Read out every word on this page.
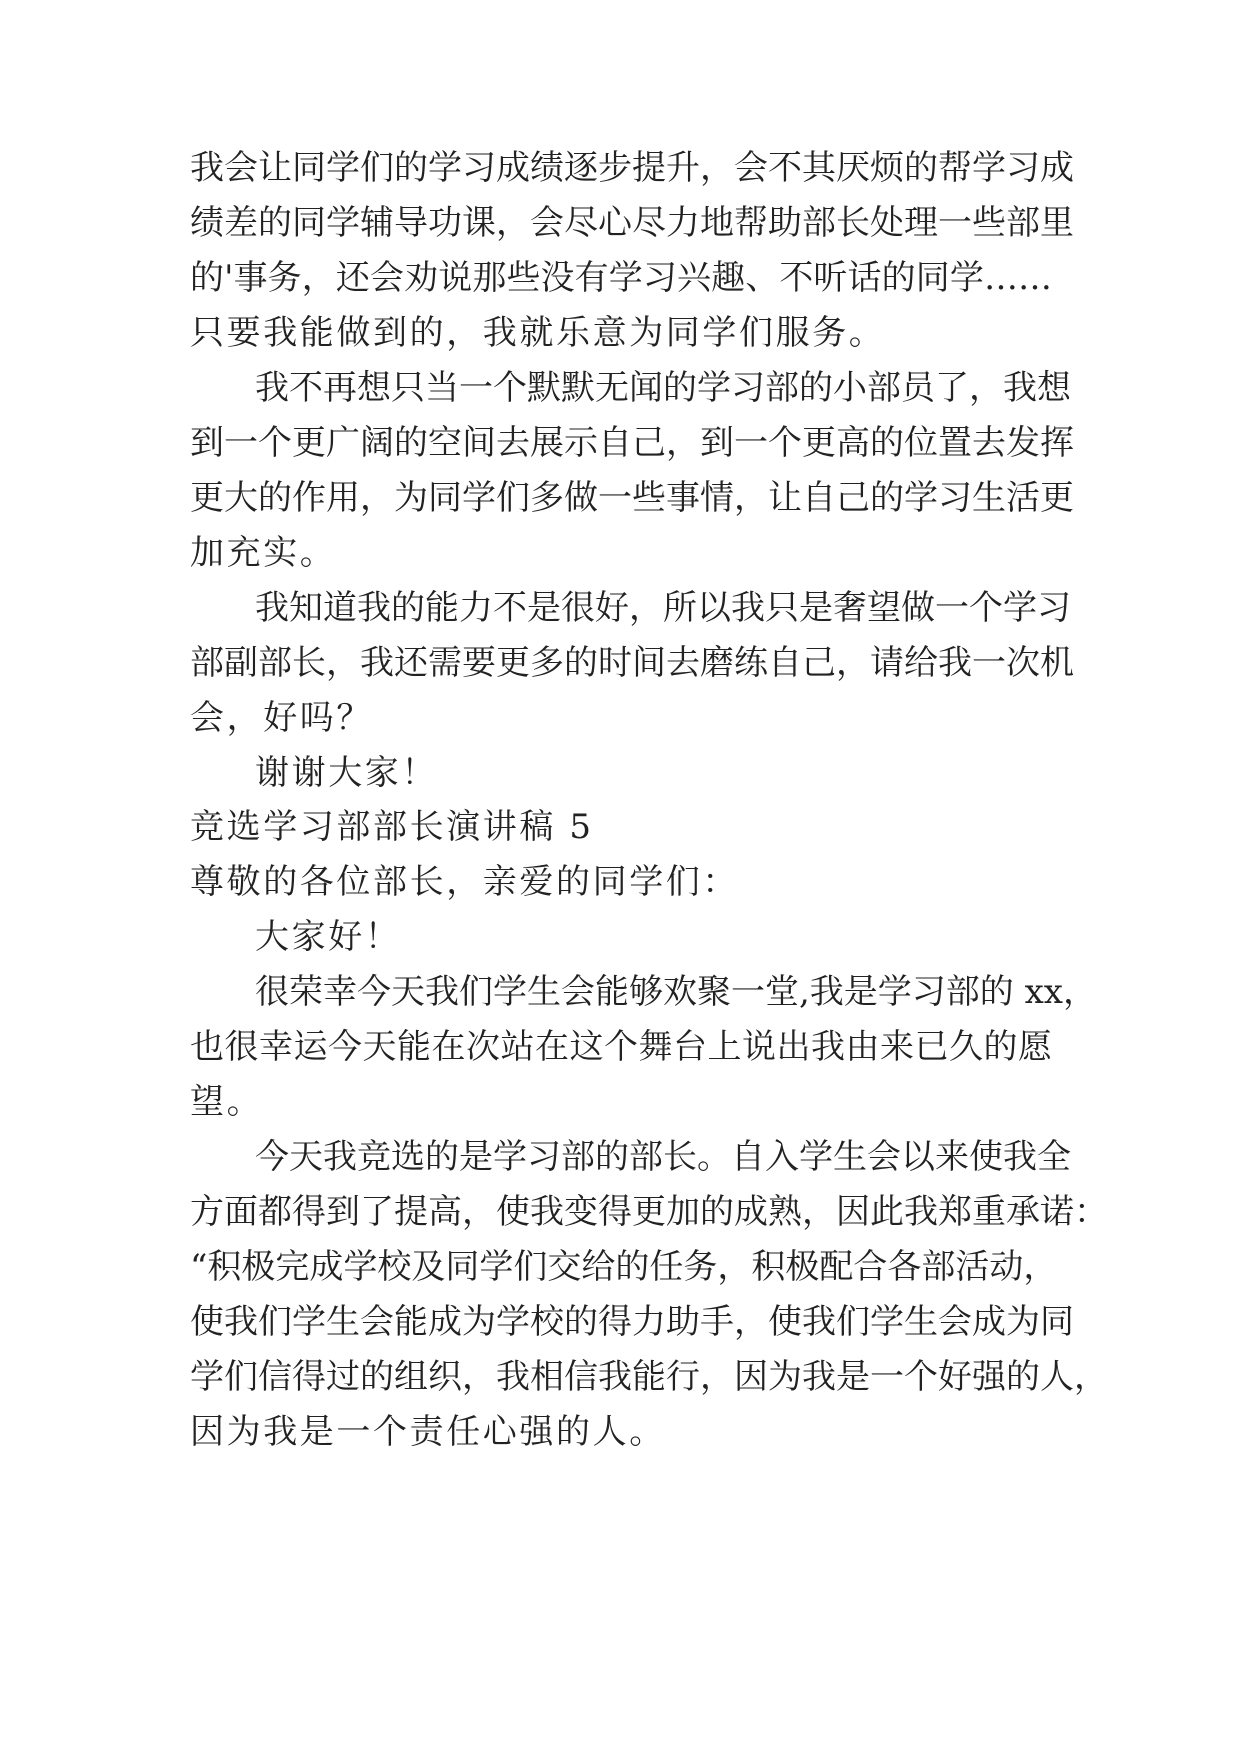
我会让同学们的学习成绩逐步提升，会不其厌烦的帮学习成

绩差的同学辅导功课，会尽心尽力地帮助部长处理一些部里

的'事务，还会劝说那些没有学习兴趣、不听话的同学……

只要我能做到的，我就乐意为同学们服务。

我不再想只当一个默默无闻的学习部的小部员了，我想

到一个更广阔的空间去展示自己，到一个更高的位置去发挥

更大的作用，为同学们多做一些事情，让自己的学习生活更

加充实。

我知道我的能力不是很好，所以我只是奢望做一个学习

部副部长，我还需要更多的时间去磨练自己，请给我一次机

会，好吗？

谢谢大家！

竞选学习部部长演讲稿 5

尊敬的各位部长，亲爱的同学们：

大家好！

很荣幸今天我们学生会能够欢聚一堂,我是学习部的 xx，

也很幸运今天能在次站在这个舞台上说出我由来已久的愿

望。

今天我竞选的是学习部的部长。自入学生会以来使我全

方面都得到了提高，使我变得更加的成熟，因此我郑重承诺：

“积极完成学校及同学们交给的任务，积极配合各部活动，

使我们学生会能成为学校的得力助手，使我们学生会成为同

学们信得过的组织，我相信我能行，因为我是一个好强的人，

因为我是一个责任心强的人。
